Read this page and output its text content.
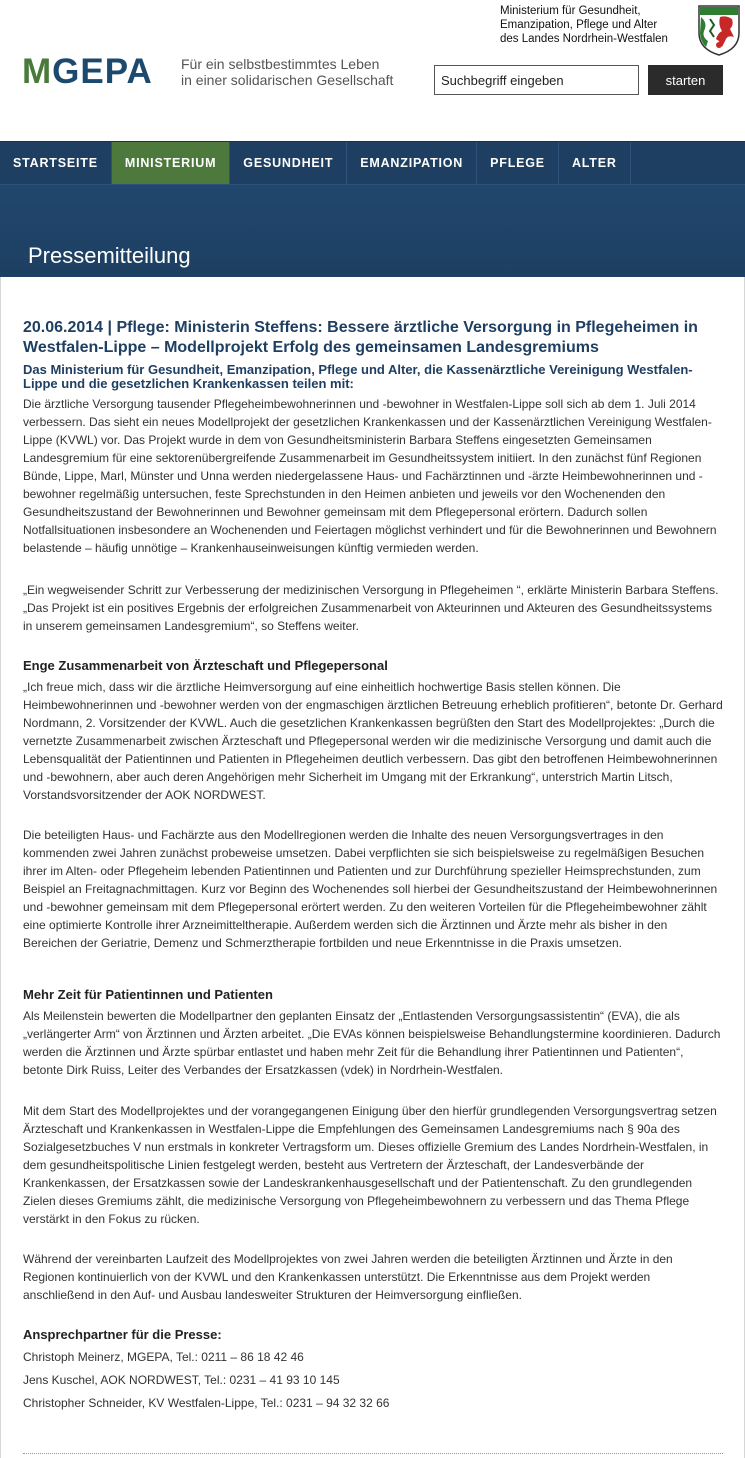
Ministerium für Gesundheit,
Emanzipation, Pflege und Alter
des Landes Nordrhein-Westfalen
MGEPA Für ein selbstbestimmtes Leben
in einer solidarischen Gesellschaft
Suchbegriff eingeben	starten
STARTSEITE	MINISTERIUM	GESUNDHEIT	EMANZIPATION	PFLEGE	ALTER
Pressemitteilung
20.06.2014 | Pflege: Ministerin Steffens: Bessere ärztliche Versorgung in Pflegeheimen in Westfalen-Lippe – Modellprojekt Erfolg des gemeinsamen Landesgremiums
Das Ministerium für Gesundheit, Emanzipation, Pflege und Alter, die Kassenärztliche Vereinigung Westfalen-Lippe und die gesetzlichen Krankenkassen teilen mit:
Die ärztliche Versorgung tausender Pflegeheimbewohnerinnen und -bewohner in Westfalen-Lippe soll sich ab dem 1. Juli 2014 verbessern. Das sieht ein neues Modellprojekt der gesetzlichen Krankenkassen und der Kassenärztlichen Vereinigung Westfalen-Lippe (KVWL) vor. Das Projekt wurde in dem von Gesundheitsministerin Barbara Steffens eingesetzten Gemeinsamen Landesgremium für eine sektorenübergreifende Zusammenarbeit im Gesundheitssystem initiiert. In den zunächst fünf Regionen Bünde, Lippe, Marl, Münster und Unna werden niedergelassene Haus- und Fachärztinnen und -ärzte Heimbewohnerinnen und -bewohner regelmäßig untersuchen, feste Sprechstunden in den Heimen anbieten und jeweils vor den Wochenenden den Gesundheitszustand der Bewohnerinnen und Bewohner gemeinsam mit dem Pflegepersonal erörtern. Dadurch sollen Notfallsituationen insbesondere an Wochenenden und Feiertagen möglichst verhindert und für die Bewohnerinnen und Bewohnern belastende – häufig unnötige – Krankenhauseinweisungen künftig vermieden werden.
„Ein wegweisender Schritt zur Verbesserung der medizinischen Versorgung in Pflegeheimen “, erklärte Ministerin Barbara Steffens. „Das Projekt ist ein positives Ergebnis der erfolgreichen Zusammenarbeit von Akteurinnen und Akteuren des Gesundheitssystems in unserem gemeinsamen Landesgremium“, so Steffens weiter.
Enge Zusammenarbeit von Ärzteschaft und Pflegepersonal
„Ich freue mich, dass wir die ärztliche Heimversorgung auf eine einheitlich hochwertige Basis stellen können. Die Heimbewohnerinnen und -bewohner werden von der engmaschigen ärztlichen Betreuung erheblich profitieren“, betonte Dr. Gerhard Nordmann, 2. Vorsitzender der KVWL. Auch die gesetzlichen Krankenkassen begrüßten den Start des Modellprojektes: „Durch die vernetzte Zusammenarbeit zwischen Ärzteschaft und Pflegepersonal werden wir die medizinische Versorgung und damit auch die Lebensqualität der Patientinnen und Patienten in Pflegeheimen deutlich verbessern. Das gibt den betroffenen Heimbewohnerinnen und -bewohnern, aber auch deren Angehörigen mehr Sicherheit im Umgang mit der Erkrankung“, unterstrich Martin Litsch, Vorstandsvorsitzender der AOK NORDWEST.
Die beteiligten Haus- und Fachärzte aus den Modellregionen werden die Inhalte des neuen Versorgungsvertrages in den kommenden zwei Jahren zunächst probeweise umsetzen. Dabei verpflichten sie sich beispielsweise zu regelmäßigen Besuchen ihrer im Alten- oder Pflegeheim lebenden Patientinnen und Patienten und zur Durchführung spezieller Heimsprechstunden, zum Beispiel an Freitagnachmittagen. Kurz vor Beginn des Wochenendes soll hierbei der Gesundheitszustand der Heimbewohnerinnen und -bewohner gemeinsam mit dem Pflegepersonal erörtert werden. Zu den weiteren Vorteilen für die Pflegeheimbewohner zählt eine optimierte Kontrolle ihrer Arzneimitteltherapie. Außerdem werden sich die Ärztinnen und Ärzte mehr als bisher in den Bereichen der Geriatrie, Demenz und Schmerztherapie fortbilden und neue Erkenntnisse in die Praxis umsetzen.
Mehr Zeit für Patientinnen und Patienten
Als Meilenstein bewerten die Modellpartner den geplanten Einsatz der „Entlastenden Versorgungsassistentin“ (EVA), die als „verlängerter Arm“ von Ärztinnen und Ärzten arbeitet. „Die EVAs können beispielsweise Behandlungstermine koordinieren. Dadurch werden die Ärztinnen und Ärzte spürbar entlastet und haben mehr Zeit für die Behandlung ihrer Patientinnen und Patienten“, betonte Dirk Ruiss, Leiter des Verbandes der Ersatzkassen (vdek) in Nordrhein-Westfalen.
Mit dem Start des Modellprojektes und der vorangegangenen Einigung über den hierfür grundlegenden Versorgungsvertrag setzen Ärzteschaft und Krankenkassen in Westfalen-Lippe die Empfehlungen des Gemeinsamen Landesgremiums nach § 90a des Sozialgesetzbuches V nun erstmals in konkreter Vertragsform um. Dieses offizielle Gremium des Landes Nordrhein-Westfalen, in dem gesundheitspolitische Linien festgelegt werden, besteht aus Vertretern der Ärzteschaft, der Landesverbände der Krankenkassen, der Ersatzkassen sowie der Landeskrankenhausgesellschaft und der Patientenschaft. Zu den grundlegenden Zielen dieses Gremiums zählt, die medizinische Versorgung von Pflegeheimbewohnern zu verbessern und das Thema Pflege verstärkt in den Fokus zu rücken.
Während der vereinbarten Laufzeit des Modellprojektes von zwei Jahren werden die beteiligten Ärztinnen und Ärzte in den Regionen kontinuierlich von der KVWL und den Krankenkassen unterstützt. Die Erkenntnisse aus dem Projekt werden anschließend in den Auf- und Ausbau landesweiter Strukturen der Heimversorgung einfließen.
Ansprechpartner für die Presse:
Christoph Meinerz, MGEPA, Tel.: 0211 – 86 18 42 46
Jens Kuschel, AOK NORDWEST, Tel.: 0231 – 41 93 10 145
Christopher Schneider, KV Westfalen-Lippe, Tel.: 0231 – 94 32 32 66
